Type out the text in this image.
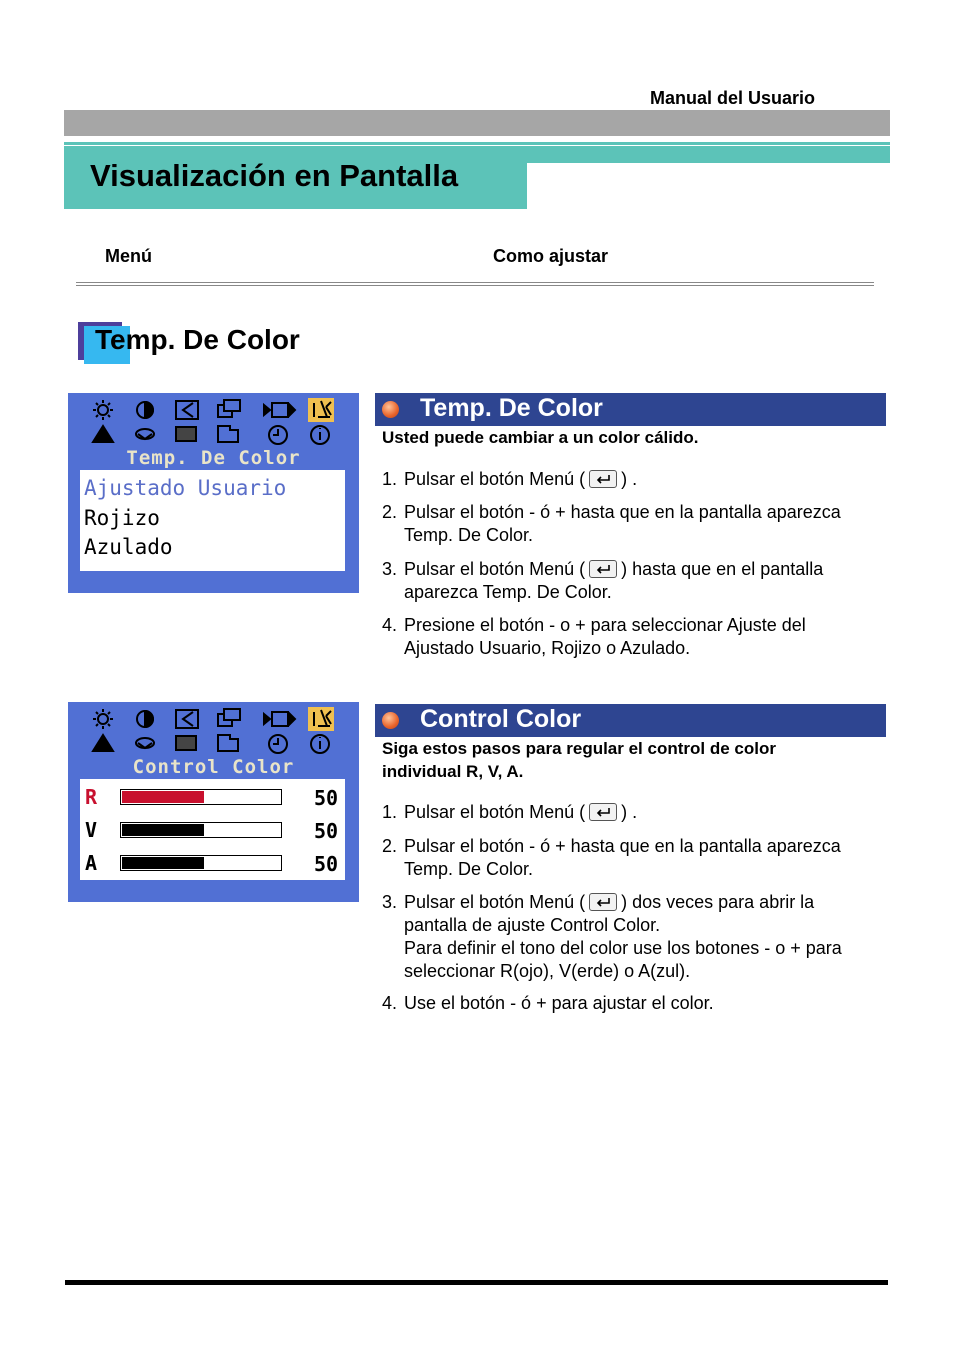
Manual del Usuario
Visualización en Pantalla
Menú	Como ajustar
Temp. De Color
Temp. De Color
Ajustado Usuario
Rojizo
Azulado
Temp. De Color
Usted puede cambiar a un color cálido.
1. Pulsar el botón Menú ( ) .
2. Pulsar el botón - ó + hasta que en la pantalla aparezca
Temp. De Color.
3. Pulsar el botón Menú ( ) hasta que en el pantalla
aparezca Temp. De Color.
4. Presione el botón - o + para seleccionar Ajuste del
Ajustado Usuario, Rojizo o Azulado.
Control Color
R	50
V	50
A	50
Control Color
Siga estos pasos para regular el control de color
individual R, V, A.
1. Pulsar el botón Menú ( ) .
2. Pulsar el botón - ó + hasta que en la pantalla aparezca
Temp. De Color.
3. Pulsar el botón Menú ( ) dos veces para abrir la
pantalla de ajuste Control Color.
Para definir el tono del color use los botones - o + para
seleccionar R(ojo), V(erde) o A(zul).
4. Use el botón - ó + para ajustar el color.
